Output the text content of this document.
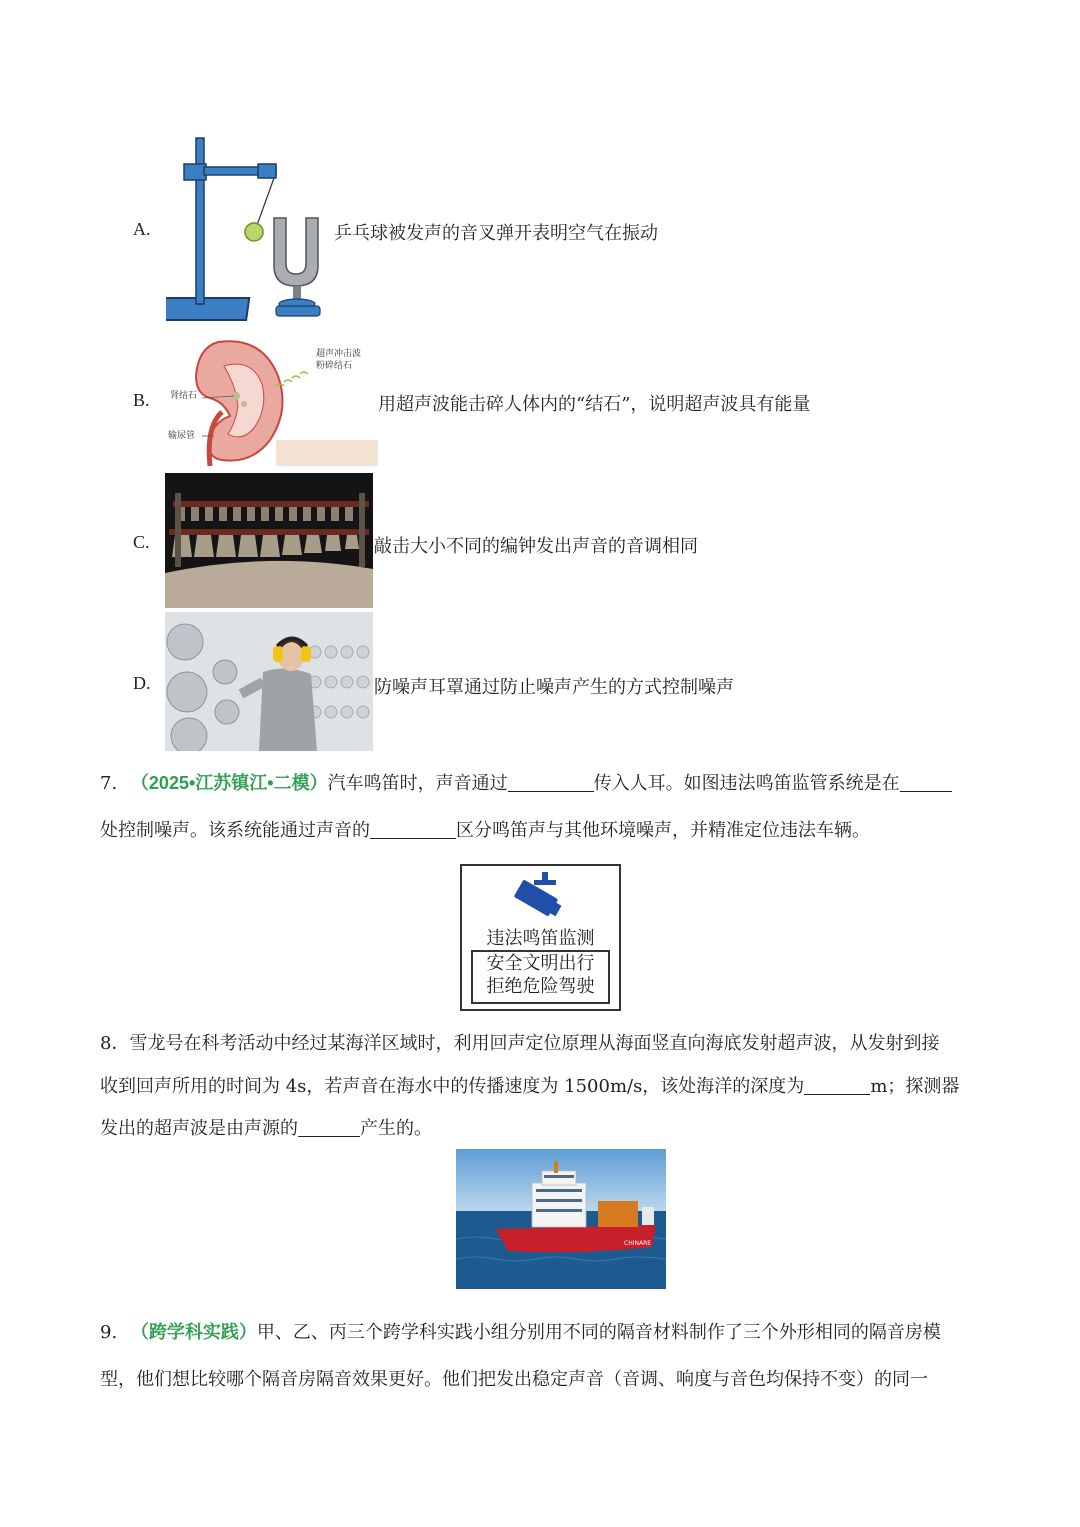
A.	乒乓球被发声的音叉弹开表明空气在振动
B.
超声冲击波
粉碎结石
肾结石
输尿管
用超声波能击碎人体内的“结石”，说明超声波具有能量
C.	敲击大小不同的编钟发出声音的音调相同
D.	防噪声耳罩通过防止噪声产生的方式控制噪声
7. （2025•江苏镇江•二模）汽车鸣笛时，声音通过	传入人耳。如图违法鸣笛监管系统是在
处控制噪声。该系统能通过声音的	区分鸣笛声与其他环境噪声，并精准定位违法车辆。
违法鸣笛监测
安全文明出行
拒绝危险驾驶
8．雪龙号在科考活动中经过某海洋区域时，利用回声定位原理从海面竖直向海底发射超声波，从发射到接
收到回声所用的时间为 4s，若声音在海水中的传播速度为 1500m/s，该处海洋的深度为	m；探测器
发出的超声波是由声源的	产生的。
CHINARE
9. （跨学科实践）甲、乙、丙三个跨学科实践小组分别用不同的隔音材料制作了三个外形相同的隔音房模
型，他们想比较哪个隔音房隔音效果更好。他们把发出稳定声音（音调、响度与音色均保持不变）的同一
